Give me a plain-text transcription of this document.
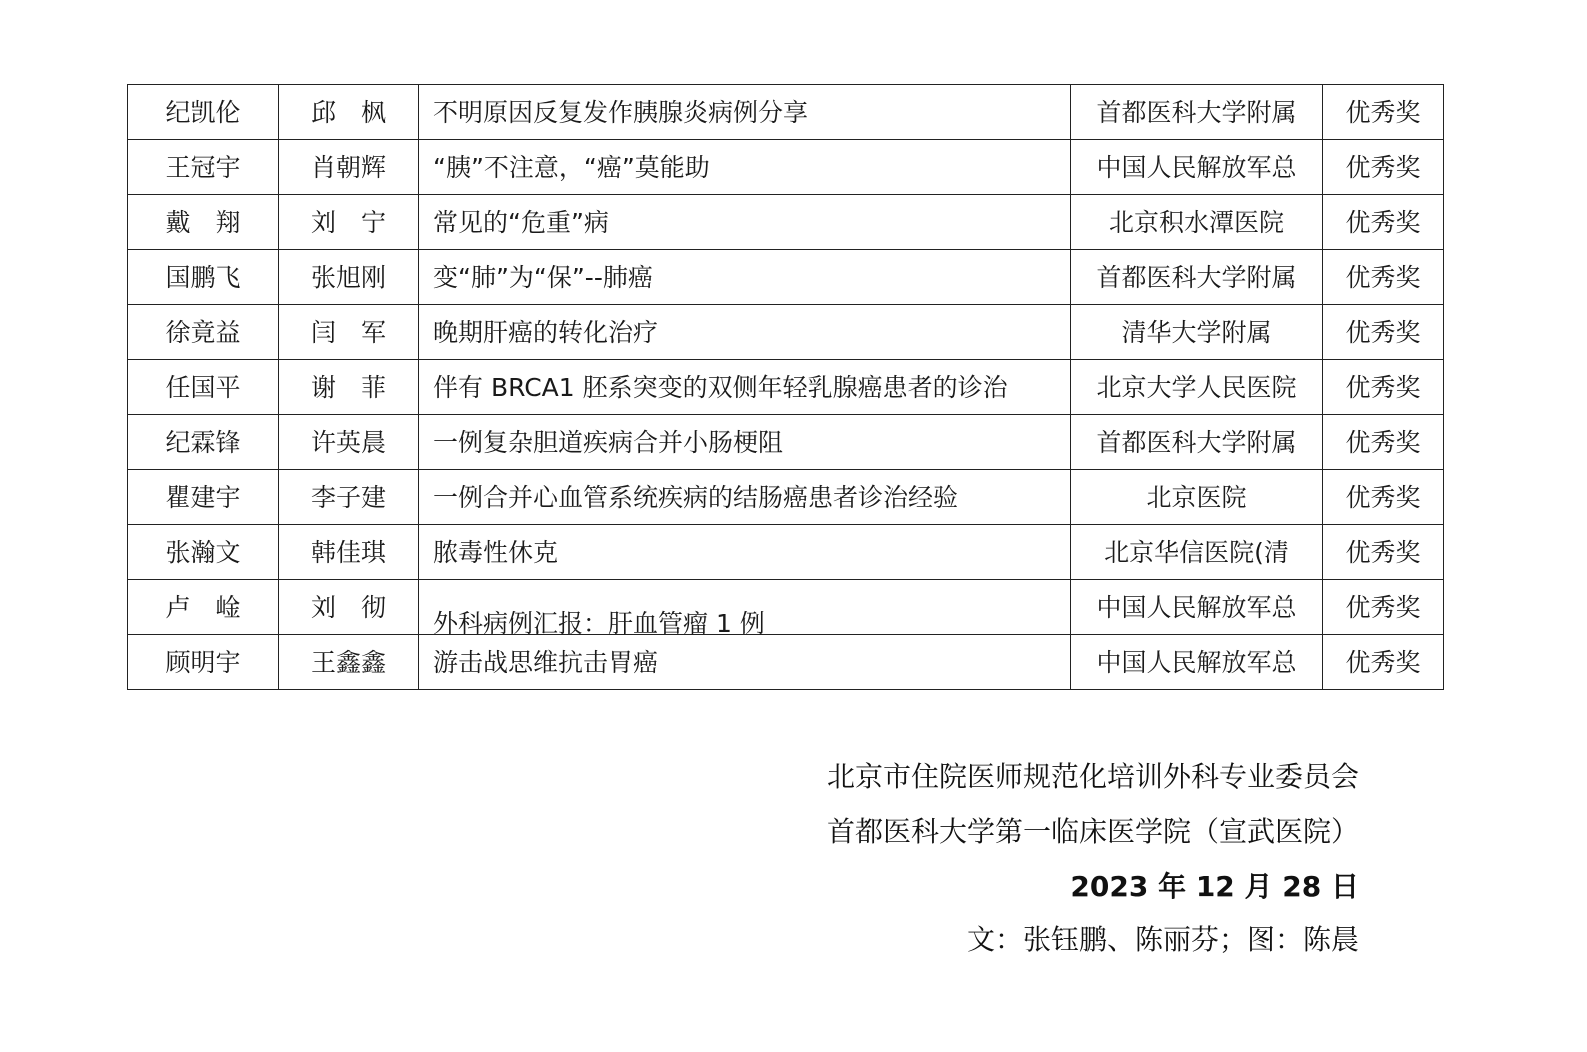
纪凯伦	邱　枫	不明原因反复发作胰腺炎病例分享	首都医科大学附属	优秀奖
王冠宇	肖朝辉	“胰”不注意，“癌”莫能助	中国人民解放军总	优秀奖
戴　翔	刘　宁	常见的“危重”病	北京积水潭医院	优秀奖
国鹏飞	张旭刚	变“肺”为“保”--肺癌	首都医科大学附属	优秀奖
徐竟益	闫　军	晚期肝癌的转化治疗	清华大学附属	优秀奖
任国平	谢　菲	伴有 BRCA1 胚系突变的双侧年轻乳腺癌患者的诊治	北京大学人民医院	优秀奖
纪霖锋	许英晨	一例复杂胆道疾病合并小肠梗阻	首都医科大学附属	优秀奖
瞿建宇	李子建	一例合并心血管系统疾病的结肠癌患者诊治经验	北京医院	优秀奖
张瀚文	韩佳琪	脓毒性休克	北京华信医院(清	优秀奖
卢　崯	刘　彻	外科病例汇报：肝血管瘤 1 例	中国人民解放军总	优秀奖
顾明宇	王鑫鑫	游击战思维抗击胃癌	中国人民解放军总	优秀奖
北京市住院医师规范化培训外科专业委员会
首都医科大学第一临床医学院（宣武医院）
2023 年 12 月 28 日
文：张钰鹏、陈丽芬；图：陈晨
